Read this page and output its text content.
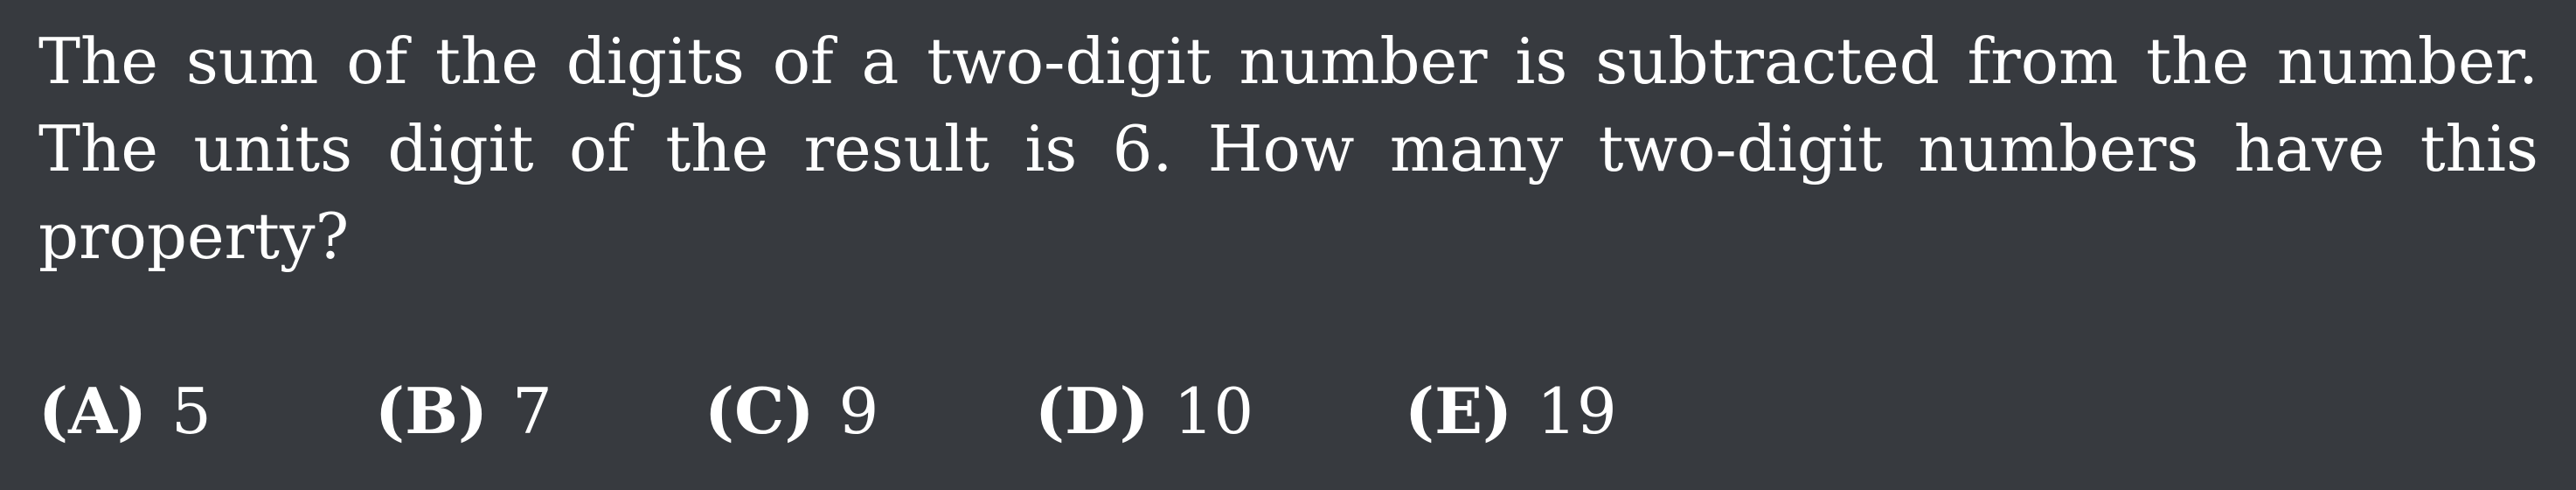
The sum of the digits of a two-digit number is subtracted from the number. The units digit of the result is 6. How many two-digit numbers have this property?
(A) 5	(B) 7 (C) 9 (D) 10 (E) 19
